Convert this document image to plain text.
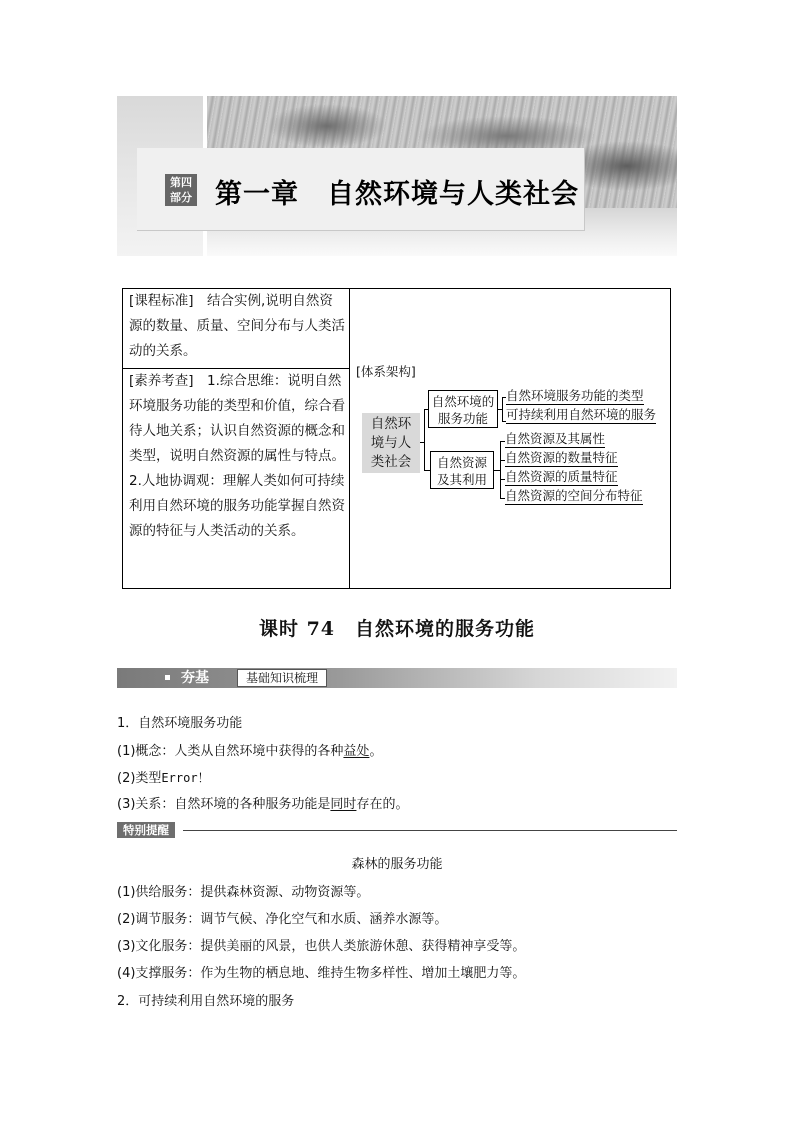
第四
部分 第一章　自然环境与人类社会
[课程标准]　结合实例,说明自然资源的数量、质量、空间分布与人类活动的关系。
[素养考查]　1.综合思维：说明自然环境服务功能的类型和价值，综合看待人地关系；认识自然资源的概念和类型，说明自然资源的属性与特点。2.人地协调观：理解人类如何可持续利用自然环境的服务功能掌握自然资源的特征与人类活动的关系。
[体系架构]
自然环
境与人
类社会
自然环境的
服务功能
自然资源
及其利用
自然环境服务功能的类型
可持续利用自然环境的服务
自然资源及其属性
自然资源的数量特征
自然资源的质量特征
自然资源的空间分布特征
课时 74　自然环境的服务功能
夯基	基础知识梳理
1．自然环境服务功能
(1)概念：人类从自然环境中获得的各种益处。
(2)类型Error！
(3)关系：自然环境的各种服务功能是同时存在的。
特别提醒
森林的服务功能
(1)供给服务：提供森林资源、动物资源等。
(2)调节服务：调节气候、净化空气和水质、涵养水源等。
(3)文化服务：提供美丽的风景，也供人类旅游休憩、获得精神享受等。
(4)支撑服务：作为生物的栖息地、维持生物多样性、增加土壤肥力等。
2．可持续利用自然环境的服务
